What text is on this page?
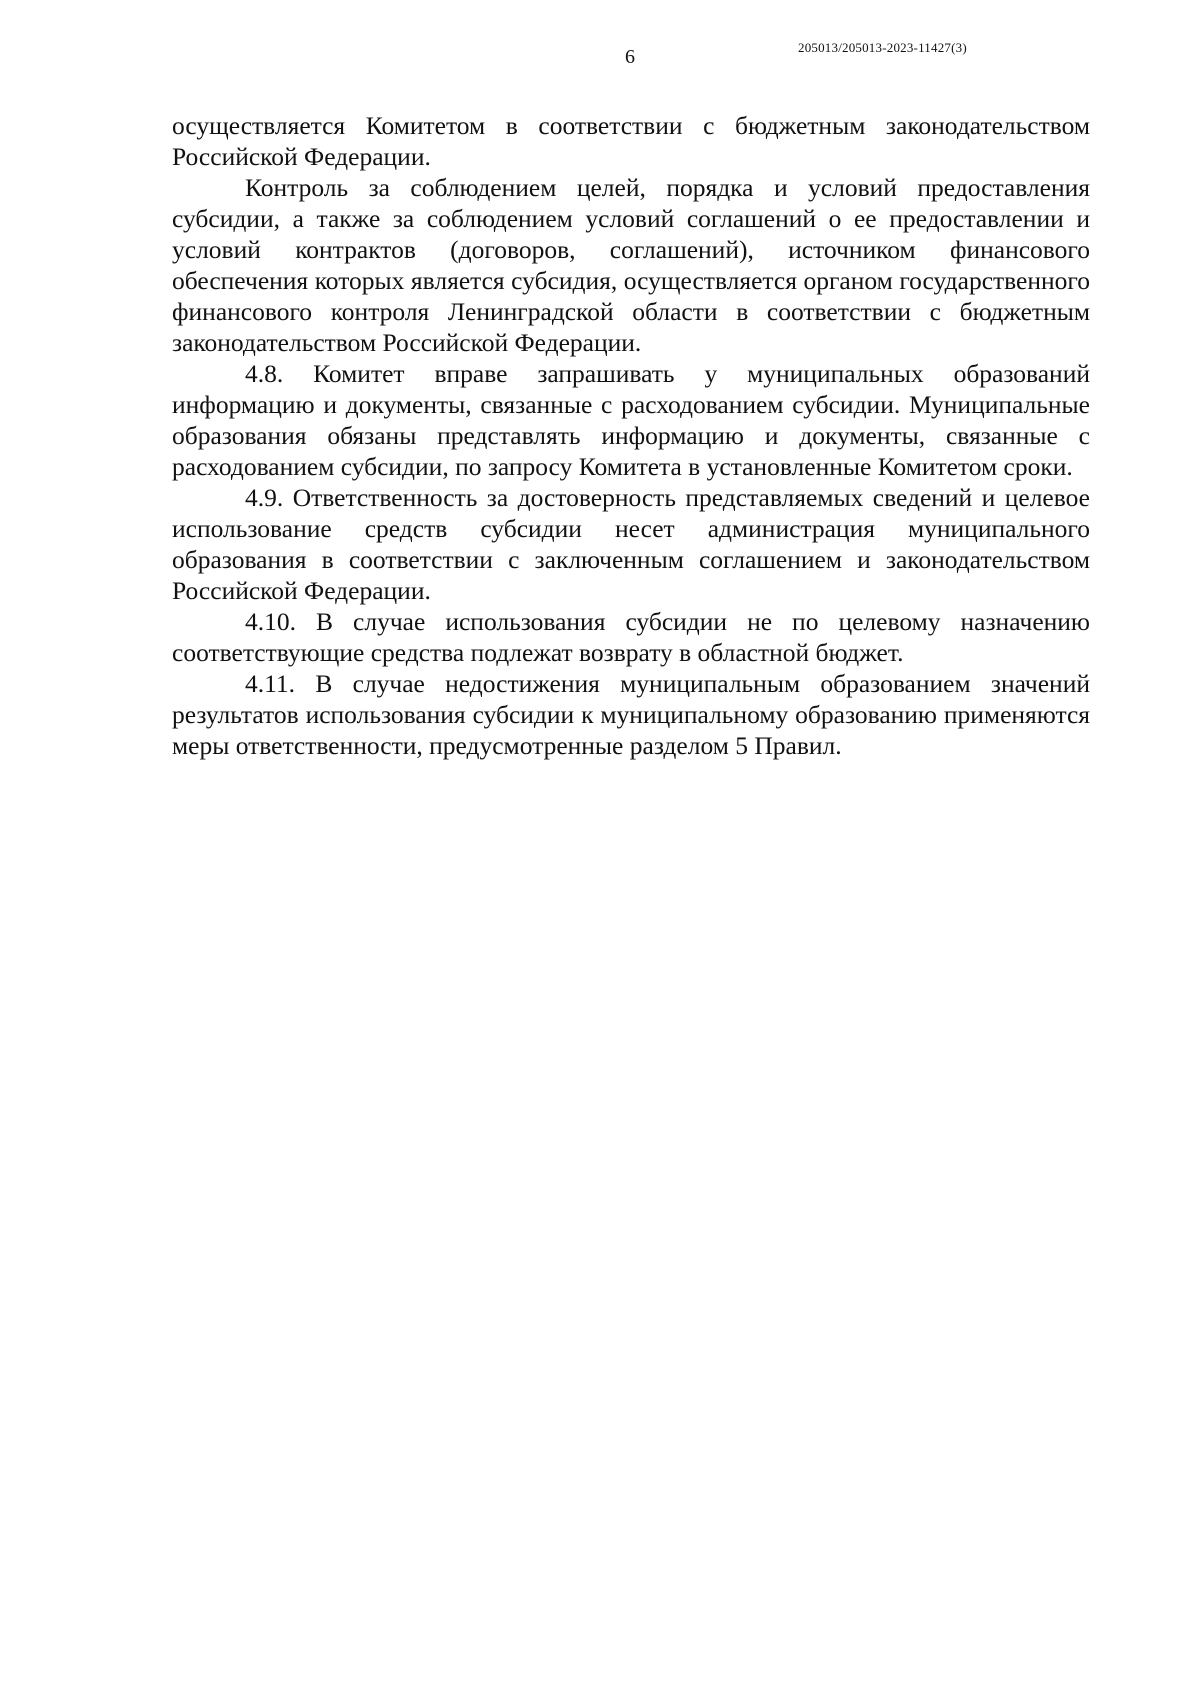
6	205013/205013-2023-11427(3)

осуществляется Комитетом в соответствии с бюджетным законодательством Российской Федерации.

Контроль за соблюдением целей, порядка и условий предоставления субсидии, а также за соблюдением условий соглашений о ее предоставлении и условий контрактов (договоров, соглашений), источником финансового обеспечения которых является субсидия, осуществляется органом государственного финансового контроля Ленинградской области в соответствии с бюджетным законодательством Российской Федерации.

4.8. Комитет вправе запрашивать у муниципальных образований информацию и документы, связанные с расходованием субсидии. Муниципальные образования обязаны представлять информацию и документы, связанные с расходованием субсидии, по запросу Комитета в установленные Комитетом сроки.

4.9. Ответственность за достоверность представляемых сведений и целевое использование средств субсидии несет администрация муниципального образования в соответствии с заключенным соглашением и законодательством Российской Федерации.

4.10. В случае использования субсидии не по целевому назначению соответствующие средства подлежат возврату в областной бюджет.

4.11. В случае недостижения муниципальным образованием значений результатов использования субсидии к муниципальному образованию применяются меры ответственности, предусмотренные разделом 5 Правил.
